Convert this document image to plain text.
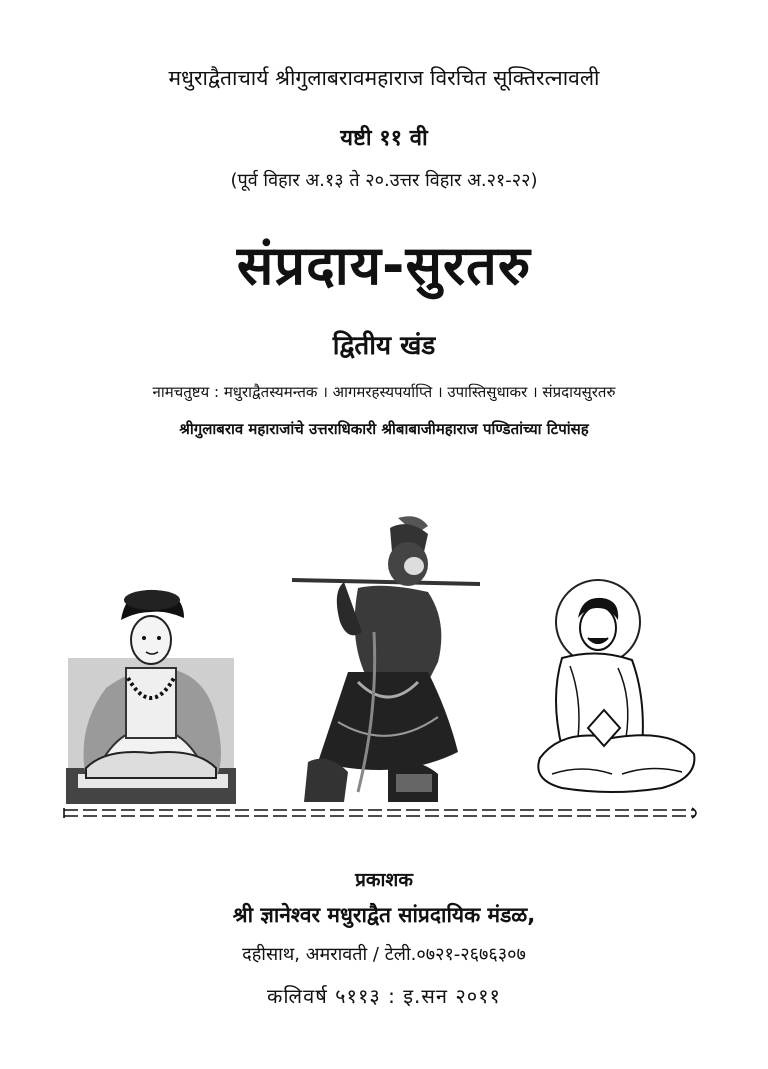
मधुराद्वैताचार्य श्रीगुलाबरावमहाराज विरचित सूक्तिरत्नावली
यष्टी ११ वी
(पूर्व विहार अ.१३ ते २०.उत्तर विहार अ.२१-२२)
संप्रदाय-सुरतरु
द्वितीय खंड
नामचतुष्टय : मधुराद्वैतस्यमन्तक । आगमरहस्यपर्याप्ति । उपास्तिसुधाकर । संप्रदायसुरतरु
श्रीगुलाबराव महाराजांचे उत्तराधिकारी श्रीबाबाजीमहाराज पण्डितांच्या टिपांसह
प्रकाशक
श्री ज्ञानेश्वर मधुराद्वैत सांप्रदायिक मंडळ,
दहीसाथ, अमरावती / टेली.०७२१-२६७६३०७
कलिवर्ष ५११३ : इ.सन २०११
